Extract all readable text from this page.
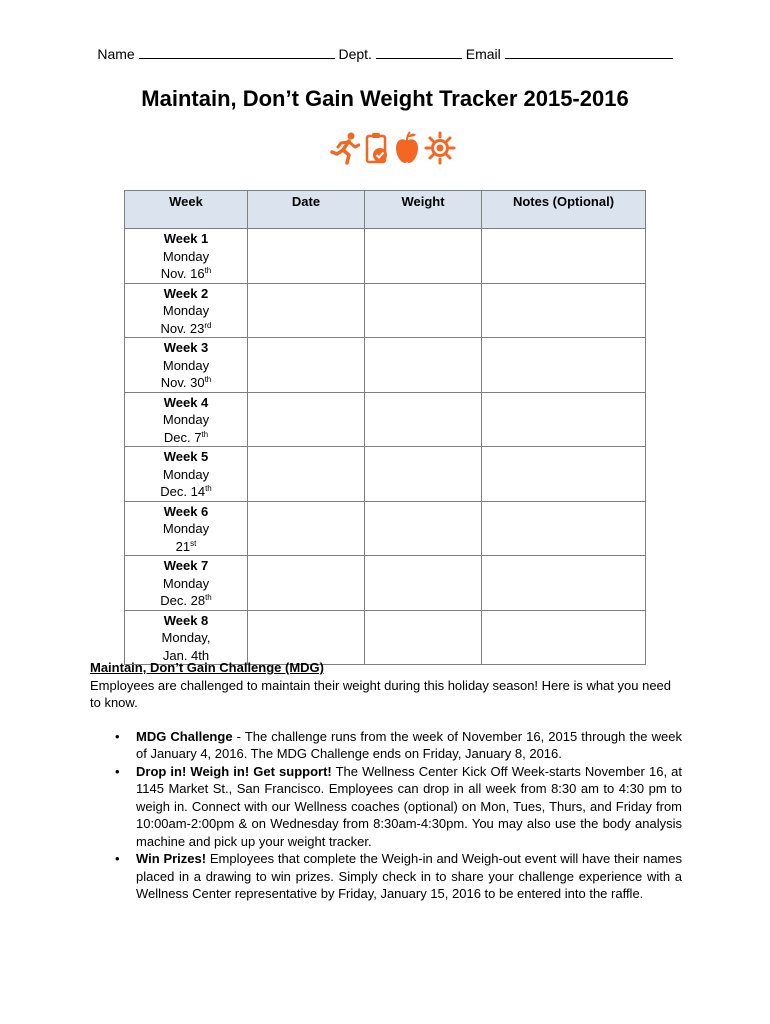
Name	Dept.	Email
Maintain, Don’t Gain Weight Tracker 2015-2016
Week	Date	Weight	Notes (Optional)

Week 1
Monday
Nov. 16th

Week 2
Monday
Nov. 23rd

Week 3
Monday
Nov. 30th

Week 4
Monday
Dec. 7th

Week 5
Monday
Dec. 14th

Week 6
Monday
21st

Week 7
Monday
Dec. 28th

Week 8
Monday,
Jan. 4th			

Maintain, Don’t Gain Challenge (MDG)

Employees are challenged to maintain their weight during this holiday season! Here is what you need to know.

• MDG Challenge - The challenge runs from the week of November 16, 2015 through the week of January 4, 2016. The MDG Challenge ends on Friday, January 8, 2016.
• Drop in! Weigh in! Get support! The Wellness Center Kick Off Week-starts November 16, at 1145 Market St., San Francisco. Employees can drop in all week from 8:30 am to 4:30 pm to weigh in. Connect with our Wellness coaches (optional) on Mon, Tues, Thurs, and Friday from 10:00am-2:00pm & on Wednesday from 8:30am-4:30pm. You may also use the body analysis machine and pick up your weight tracker.
• Win Prizes! Employees that complete the Weigh-in and Weigh-out event will have their names placed in a drawing to win prizes. Simply check in to share your challenge experience with a Wellness Center representative by Friday, January 15, 2016 to be entered into the raffle.
